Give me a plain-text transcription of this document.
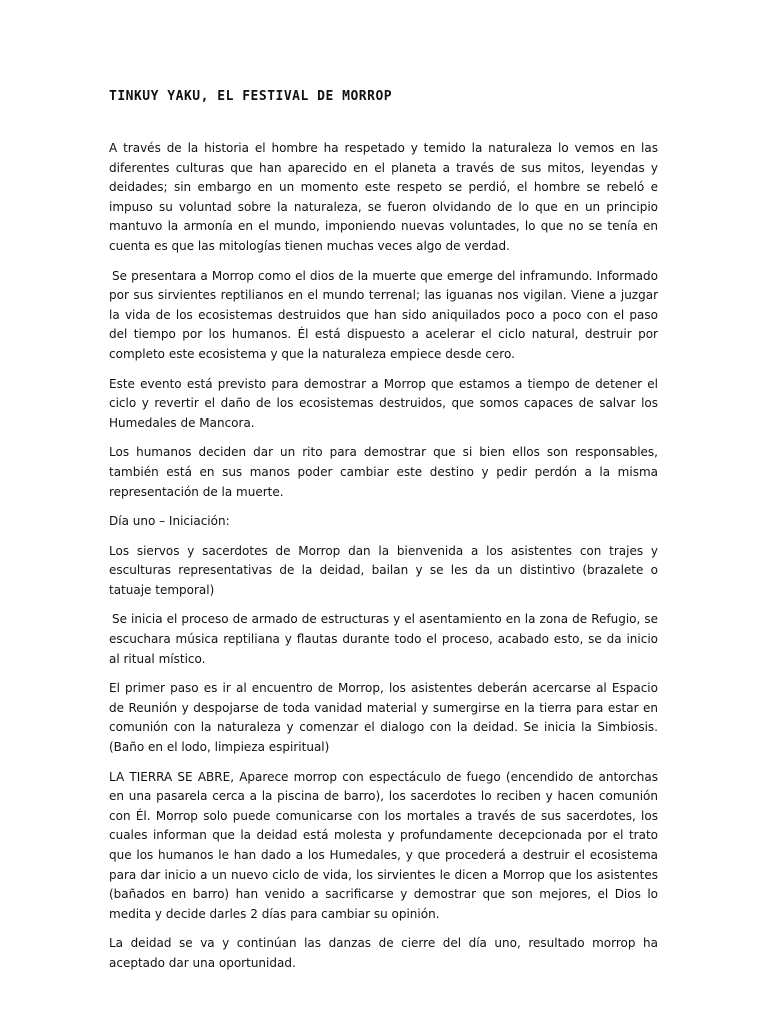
TINKUY YAKU, EL FESTIVAL DE MORROP

A través de la historia el hombre ha respetado y temido la naturaleza lo vemos en las diferentes culturas que han aparecido en el planeta a través de sus mitos, leyendas y deidades; sin embargo en un momento este respeto se perdió, el hombre se rebeló e impuso su voluntad sobre la naturaleza, se fueron olvidando de lo que en un principio mantuvo la armonía en el mundo, imponiendo nuevas voluntades, lo que no se tenía en cuenta es que las mitologías tienen muchas veces algo de verdad.

Se presentara a Morrop como el dios de la muerte que emerge del inframundo. Informado por sus sirvientes reptilianos en el mundo terrenal; las iguanas nos vigilan. Viene a juzgar la vida de los ecosistemas destruidos que han sido aniquilados poco a poco con el paso del tiempo por los humanos. Él está dispuesto a acelerar el ciclo natural, destruir por completo este ecosistema y que la naturaleza empiece desde cero.

Este evento está previsto para demostrar a Morrop que estamos a tiempo de detener el ciclo y revertir el daño de los ecosistemas destruidos, que somos capaces de salvar los Humedales de Mancora.

Los humanos deciden dar un rito para demostrar que si bien ellos son responsables, también está en sus manos poder cambiar este destino y pedir perdón a la misma representación de la muerte.

Día uno – Iniciación:

Los siervos y sacerdotes de Morrop dan la bienvenida a los asistentes con trajes y esculturas representativas de la deidad, bailan y se les da un distintivo (brazalete o tatuaje temporal)

Se inicia el proceso de armado de estructuras y el asentamiento en la zona de Refugio, se escuchara música reptiliana y flautas durante todo el proceso, acabado esto, se da inicio al ritual místico.

El primer paso es ir al encuentro de Morrop, los asistentes deberán acercarse al Espacio de Reunión y despojarse de toda vanidad material y sumergirse en la tierra para estar en comunión con la naturaleza y comenzar el dialogo con la deidad. Se inicia la Simbiosis. (Baño en el lodo, limpieza espiritual)

LA TIERRA SE ABRE, Aparece morrop con espectáculo de fuego (encendido de antorchas en una pasarela cerca a la piscina de barro), los sacerdotes lo reciben y hacen comunión con Él. Morrop solo puede comunicarse con los mortales a través de sus sacerdotes, los cuales informan que la deidad está molesta y profundamente decepcionada por el trato que los humanos le han dado a los Humedales, y que procederá a destruir el ecosistema para dar inicio a un nuevo ciclo de vida, los sirvientes le dicen a Morrop que los asistentes (bañados en barro) han venido a sacrificarse y demostrar que son mejores, el Dios lo medita y decide darles 2 días para cambiar su opinión.

La deidad se va y continúan las danzas de cierre del día uno, resultado morrop ha aceptado dar una oportunidad.
